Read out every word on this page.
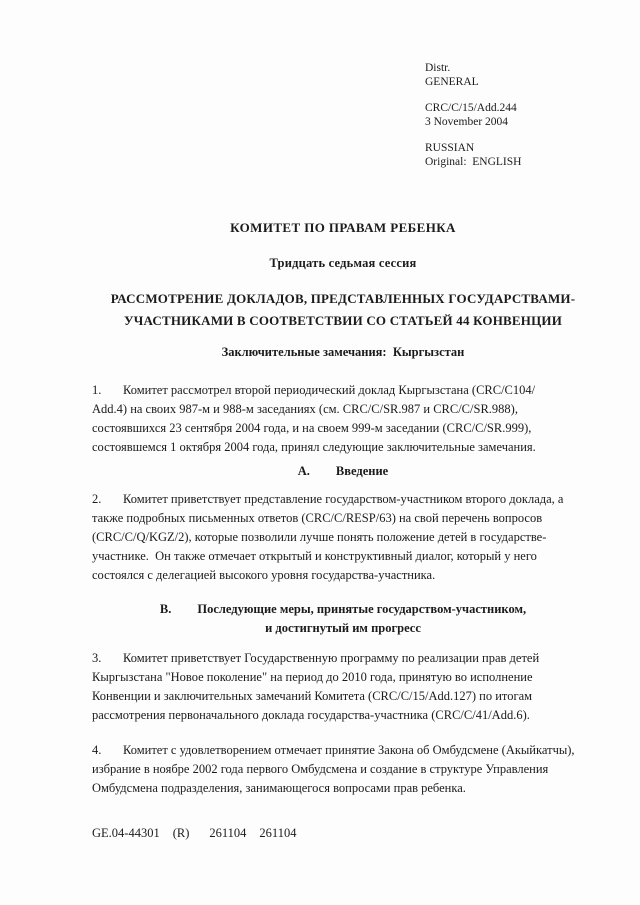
Distr.
GENERAL
CRC/C/15/Add.244
3 November 2004
RUSSIAN
Original:  ENGLISH
КОМИТЕТ ПО ПРАВАМ РЕБЕНКА
Тридцать седьмая сессия
РАССМОТРЕНИЕ ДОКЛАДОВ, ПРЕДСТАВЛЕННЫХ ГОСУДАРСТВАМИ-
УЧАСТНИКАМИ В СООТВЕТСТВИИ СО СТАТЬЕЙ 44 КОНВЕНЦИИ
Заключительные замечания:  Кыргызстан
1. Комитет рассмотрел второй периодический доклад Кыргызстана (CRC/C104/
Add.4) на своих 987-м и 988-м заседаниях (см. CRC/C/SR.987 и CRC/C/SR.988),
состоявшихся 23 сентября 2004 года, и на своем 999-м заседании (CRC/C/SR.999),
состоявшемся 1 октября 2004 года, принял следующие заключительные замечания.
A. Введение
2. Комитет приветствует представление государством-участником второго доклада, а
также подробных письменных ответов (CRC/C/RESP/63) на свой перечень вопросов
(CRC/C/Q/KGZ/2), которые позволили лучше понять положение детей в государстве-
участнике.  Он также отмечает открытый и конструктивный диалог, который у него
состоялся с делегацией высокого уровня государства-участника.
B. Последующие меры, принятые государством-участником,
и достигнутый им прогресс
3. Комитет приветствует Государственную программу по реализации прав детей
Кыргызстана "Новое поколение" на период до 2010 года, принятую во исполнение
Конвенции и заключительных замечаний Комитета (CRC/C/15/Add.127) по итогам
рассмотрения первоначального доклада государства-участника (CRC/C/41/Add.6).
4. Комитет с удовлетворением отмечает принятие Закона об Омбудсмене (Акыйкатчы),
избрание в ноябре 2002 года первого Омбудсмена и создание в структуре Управления
Омбудсмена подразделения, занимающегося вопросами прав ребенка.
GE.04-44301 (R) 261104 261104
